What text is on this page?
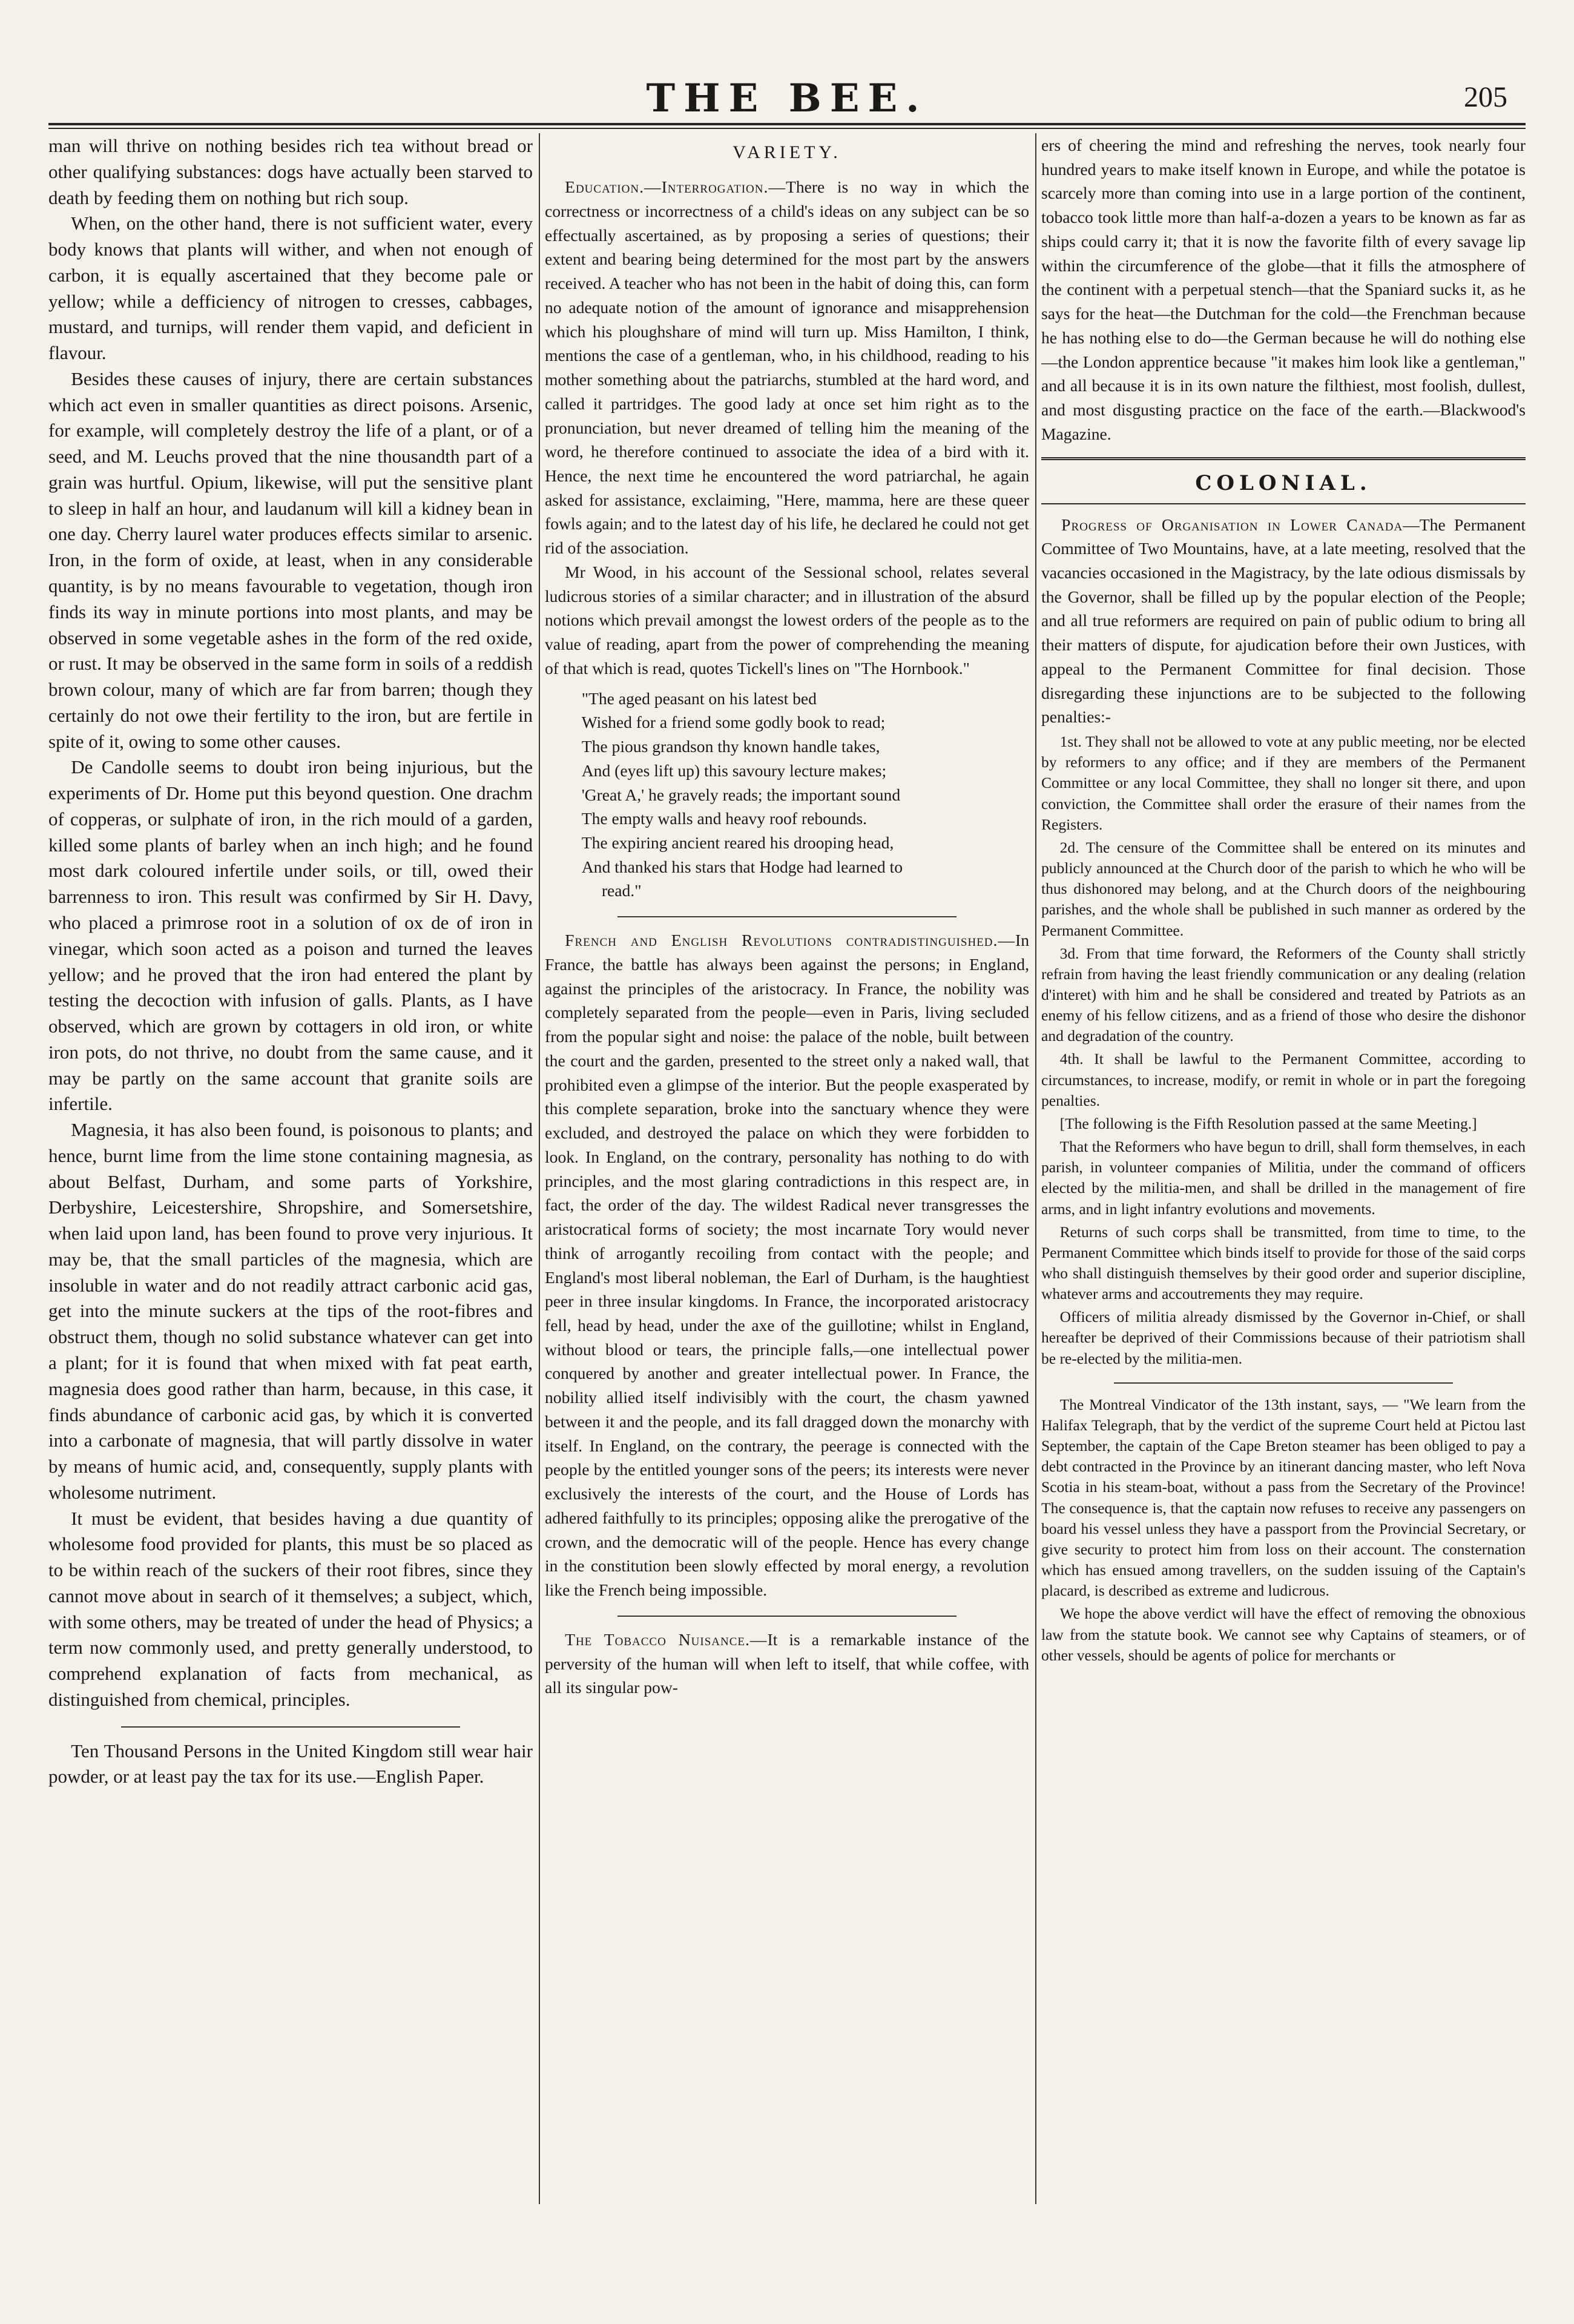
THE BEE.	205

man will thrive on nothing besides rich tea without bread or other qualifying substances: dogs have actually been starved to death by feeding them on nothing but rich soup.

When, on the other hand, there is not sufficient water, every body knows that plants will wither, and when not enough of carbon, it is equally ascertained that they become pale or yellow; while a defficiency of nitrogen to cresses, cabbages, mustard, and turnips, will render them vapid, and deficient in flavour.

Besides these causes of injury, there are certain substances which act even in smaller quantities as direct poisons. Arsenic, for example, will completely destroy the life of a plant, or of a seed, and M. Leuchs proved that the nine thousandth part of a grain was hurtful. Opium, likewise, will put the sensitive plant to sleep in half an hour, and laudanum will kill a kidney bean in one day. Cherry laurel water produces effects similar to arsenic. Iron, in the form of oxide, at least, when in any considerable quantity, is by no means favourable to vegetation, though iron finds its way in minute portions into most plants, and may be observed in some vegetable ashes in the form of the red oxide, or rust. It may be observed in the same form in soils of a reddish brown colour, many of which are far from barren; though they certainly do not owe their fertility to the iron, but are fertile in spite of it, owing to some other causes.

De Candolle seems to doubt iron being injurious, but the experiments of Dr. Home put this beyond question. One drachm of copperas, or sulphate of iron, in the rich mould of a garden, killed some plants of barley when an inch high; and he found most dark coloured infertile under soils, or till, owed their barrenness to iron. This result was confirmed by Sir H. Davy, who placed a primrose root in a solution of ox de of iron in vinegar, which soon acted as a poison and turned the leaves yellow; and he proved that the iron had entered the plant by testing the decoction with infusion of galls. Plants, as I have observed, which are grown by cottagers in old iron, or white iron pots, do not thrive, no doubt from the same cause, and it may be partly on the same account that granite soils are infertile.

Magnesia, it has also been found, is poisonous to plants; and hence, burnt lime from the lime stone containing magnesia, as about Belfast, Durham, and some parts of Yorkshire, Derbyshire, Leicestershire, Shropshire, and Somersetshire, when laid upon land, has been found to prove very injurious. It may be, that the small particles of the magnesia, which are insoluble in water and do not readily attract carbonic acid gas, get into the minute suckers at the tips of the root-fibres and obstruct them, though no solid substance whatever can get into a plant; for it is found that when mixed with fat peat earth, magnesia does good rather than harm, because, in this case, it finds abundance of carbonic acid gas, by which it is converted into a carbonate of magnesia, that will partly dissolve in water by means of humic acid, and, consequently, supply plants with wholesome nutriment.

It must be evident, that besides having a due quantity of wholesome food provided for plants, this must be so placed as to be within reach of the suckers of their root fibres, since they cannot move about in search of it themselves; a subject, which, with some others, may be treated of under the head of Physics; a term now commonly used, and pretty generally understood, to comprehend explanation of facts from mechanical, as distinguished from chemical, principles.

Ten Thousand Persons in the United Kingdom still wear hair powder, or at least pay the tax for its use.—English Paper.

VARIETY.

Education.—Interrogation.—There is no way in which the correctness or incorrectness of a child's ideas on any subject can be so effectually ascertained, as by proposing a series of questions; their extent and bearing being determined for the most part by the answers received. A teacher who has not been in the habit of doing this, can form no adequate notion of the amount of ignorance and misapprehension which his ploughshare of mind will turn up. Miss Hamilton, I think, mentions the case of a gentleman, who, in his childhood, reading to his mother something about the patriarchs, stumbled at the hard word, and called it partridges. The good lady at once set him right as to the pronunciation, but never dreamed of telling him the meaning of the word, he therefore continued to associate the idea of a bird with it. Hence, the next time he encountered the word patriarchal, he again asked for assistance, exclaiming, "Here, mamma, here are these queer fowls again; and to the latest day of his life, he declared he could not get rid of the association.

Mr Wood, in his account of the Sessional school, relates several ludicrous stories of a similar character; and in illustration of the absurd notions which prevail amongst the lowest orders of the people as to the value of reading, apart from the power of comprehending the meaning of that which is read, quotes Tickell's lines on "The Hornbook."

"The aged peasant on his latest bed
Wished for a friend some godly book to read;
The pious grandson thy known handle takes,
And (eyes lift up) this savoury lecture makes;
'Great A,' he gravely reads; the important sound
The empty walls and heavy roof rebounds.
The expiring ancient reared his drooping head,
And thanked his stars that Hodge had learned to
read."

French and English Revolutions contradistinguished.—In France, the battle has always been against the persons; in England, against the principles of the aristocracy. In France, the nobility was completely separated from the people—even in Paris, living secluded from the popular sight and noise: the palace of the noble, built between the court and the garden, presented to the street only a naked wall, that prohibited even a glimpse of the interior. But the people exasperated by this complete separation, broke into the sanctuary whence they were excluded, and destroyed the palace on which they were forbidden to look. In England, on the contrary, personality has nothing to do with principles, and the most glaring contradictions in this respect are, in fact, the order of the day. The wildest Radical never transgresses the aristocratical forms of society; the most incarnate Tory would never think of arrogantly recoiling from contact with the people; and England's most liberal nobleman, the Earl of Durham, is the haughtiest peer in three insular kingdoms. In France, the incorporated aristocracy fell, head by head, under the axe of the guillotine; whilst in England, without blood or tears, the principle falls,—one intellectual power conquered by another and greater intellectual power. In France, the nobility allied itself indivisibly with the court, the chasm yawned between it and the people, and its fall dragged down the monarchy with itself. In England, on the contrary, the peerage is connected with the people by the entitled younger sons of the peers; its interests were never exclusively the interests of the court, and the House of Lords has adhered faithfully to its principles; opposing alike the prerogative of the crown, and the democratic will of the people. Hence has every change in the constitution been slowly effected by moral energy, a revolution like the French being impossible.

The Tobacco Nuisance.—It is a remarkable instance of the perversity of the human will when left to itself, that while coffee, with all its singular pow-

ers of cheering the mind and refreshing the nerves, took nearly four hundred years to make itself known in Europe, and while the potatoe is scarcely more than coming into use in a large portion of the continent, tobacco took little more than half-a-dozen a years to be known as far as ships could carry it; that it is now the favorite filth of every savage lip within the circumference of the globe—that it fills the atmosphere of the continent with a perpetual stench—that the Spaniard sucks it, as he says for the heat—the Dutchman for the cold—the Frenchman because he has nothing else to do—the German because he will do nothing else—the London apprentice because "it makes him look like a gentleman," and all because it is in its own nature the filthiest, most foolish, dullest, and most disgusting practice on the face of the earth.—Blackwood's Magazine.

COLONIAL.

Progress of Organisation in Lower Canada—The Permanent Committee of Two Mountains, have, at a late meeting, resolved that the vacancies occasioned in the Magistracy, by the late odious dismissals by the Governor, shall be filled up by the popular election of the People; and all true reformers are required on pain of public odium to bring all their matters of dispute, for ajudication before their own Justices, with appeal to the Permanent Committee for final decision. Those disregarding these injunctions are to be subjected to the following penalties:-

1st. They shall not be allowed to vote at any public meeting, nor be elected by reformers to any office; and if they are members of the Permanent Committee or any local Committee, they shall no longer sit there, and upon conviction, the Committee shall order the erasure of their names from the Registers.

2d. The censure of the Committee shall be entered on its minutes and publicly announced at the Church door of the parish to which he who will be thus dishonored may belong, and at the Church doors of the neighbouring parishes, and the whole shall be published in such manner as ordered by the Permanent Committee.

3d. From that time forward, the Reformers of the County shall strictly refrain from having the least friendly communication or any dealing (relation d'interet) with him and he shall be considered and treated by Patriots as an enemy of his fellow citizens, and as a friend of those who desire the dishonor and degradation of the country.

4th. It shall be lawful to the Permanent Committee, according to circumstances, to increase, modify, or remit in whole or in part the foregoing penalties.

[The following is the Fifth Resolution passed at the same Meeting.]

That the Reformers who have begun to drill, shall form themselves, in each parish, in volunteer companies of Militia, under the command of officers elected by the militia-men, and shall be drilled in the management of fire arms, and in light infantry evolutions and movements.

Returns of such corps shall be transmitted, from time to time, to the Permanent Committee which binds itself to provide for those of the said corps who shall distinguish themselves by their good order and superior discipline, whatever arms and accoutrements they may require.

Officers of militia already dismissed by the Governor in-Chief, or shall hereafter be deprived of their Commissions because of their patriotism shall be re-elected by the militia-men.

The Montreal Vindicator of the 13th instant, says, — "We learn from the Halifax Telegraph, that by the verdict of the supreme Court held at Pictou last September, the captain of the Cape Breton steamer has been obliged to pay a debt contracted in the Province by an itinerant dancing master, who left Nova Scotia in his steam-boat, without a pass from the Secretary of the Province! The consequence is, that the captain now refuses to receive any passengers on board his vessel unless they have a passport from the Provincial Secretary, or give security to protect him from loss on their account. The consternation which has ensued among travellers, on the sudden issuing of the Captain's placard, is described as extreme and ludicrous.

We hope the above verdict will have the effect of removing the obnoxious law from the statute book. We cannot see why Captains of steamers, or of other vessels, should be agents of police for merchants or
